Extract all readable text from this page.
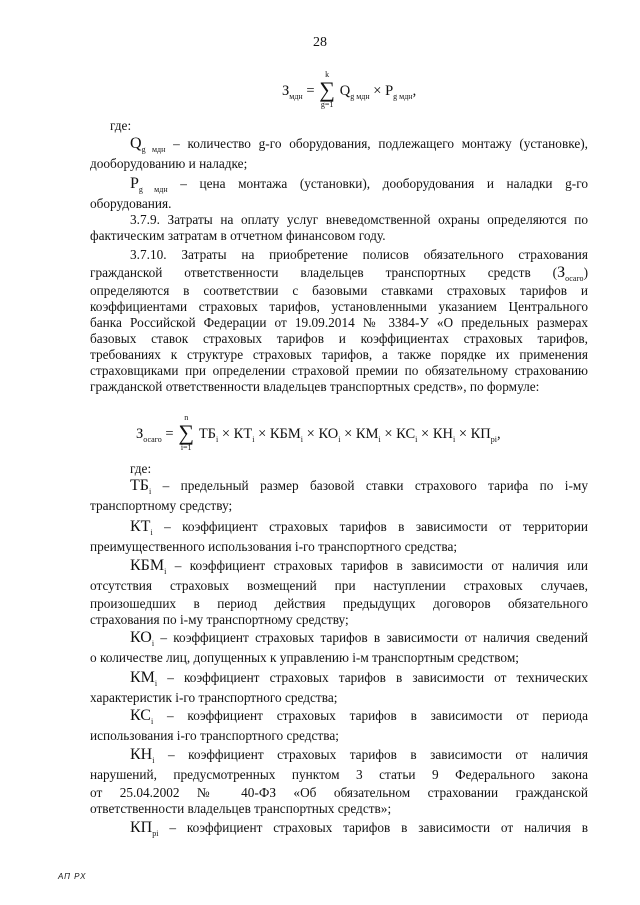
28
$З_{мдн}$ =
k
∑
g=1
$Q_{g мдн} \times P_{g мдн}$,
где:
$Q_{g мдн}$ – количество g-го оборудования, подлежащего монтажу (установке),
дооборудованию и наладке;
$P_{g мдн}$ – цена монтажа (установки), дооборудования и наладки g-го
оборудования.
3.7.9. Затраты на оплату услуг вневедомственной охраны определяются по
фактическим затратам в отчетном финансовом году.
3.7.10. Затраты на приобретение полисов обязательного страхования
гражданской ответственности владельцев транспортных средств $(З_{осаго})$
определяются в соответствии с базовыми ставками страховых тарифов и
коэффициентами страховых тарифов, установленными указанием Центрального
банка Российской Федерации от 19.09.2014 № 3384-У «О предельных размерах
базовых ставок страховых тарифов и коэффициентах страховых тарифов,
требованиях к структуре страховых тарифов, а также порядке их применения
страховщиками при определении страховой премии по обязательному страхованию
гражданской ответственности владельцев транспортных средств», по формуле:
$З_{осаго}$ =
n
∑
i=1
$ТБ_i \times КТ_i \times КБМ_i \times КО_i \times КМ_i \times КС_i \times КН_i \times КП_{pi}$,
где:
$ТБ_i$ – предельный размер базовой ставки страхового тарифа по i-му
транспортному средству;
$КТ_i$ – коэффициент страховых тарифов в зависимости от территории
преимущественного использования i-го транспортного средства;
$КБМ_i$ – коэффициент страховых тарифов в зависимости от наличия или
отсутствия страховых возмещений при наступлении страховых случаев,
произошедших в период действия предыдущих договоров обязательного
страхования по i-му транспортному средству;
$КО_i$ – коэффициент страховых тарифов в зависимости от наличия сведений
о количестве лиц, допущенных к управлению i-м транспортным средством;
$КМ_i$ – коэффициент страховых тарифов в зависимости от технических
характеристик i-го транспортного средства;
$КС_i$ – коэффициент страховых тарифов в зависимости от периода
использования i-го транспортного средства;
$КН_i$ – коэффициент страховых тарифов в зависимости от наличия
нарушений, предусмотренных пунктом 3 статьи 9 Федерального закона
от 25.04.2002 № 40-ФЗ «Об обязательном страховании гражданской
ответственности владельцев транспортных средств»;
$КП_{pi}$ – коэффициент страховых тарифов в зависимости от наличия в
АП РХ
